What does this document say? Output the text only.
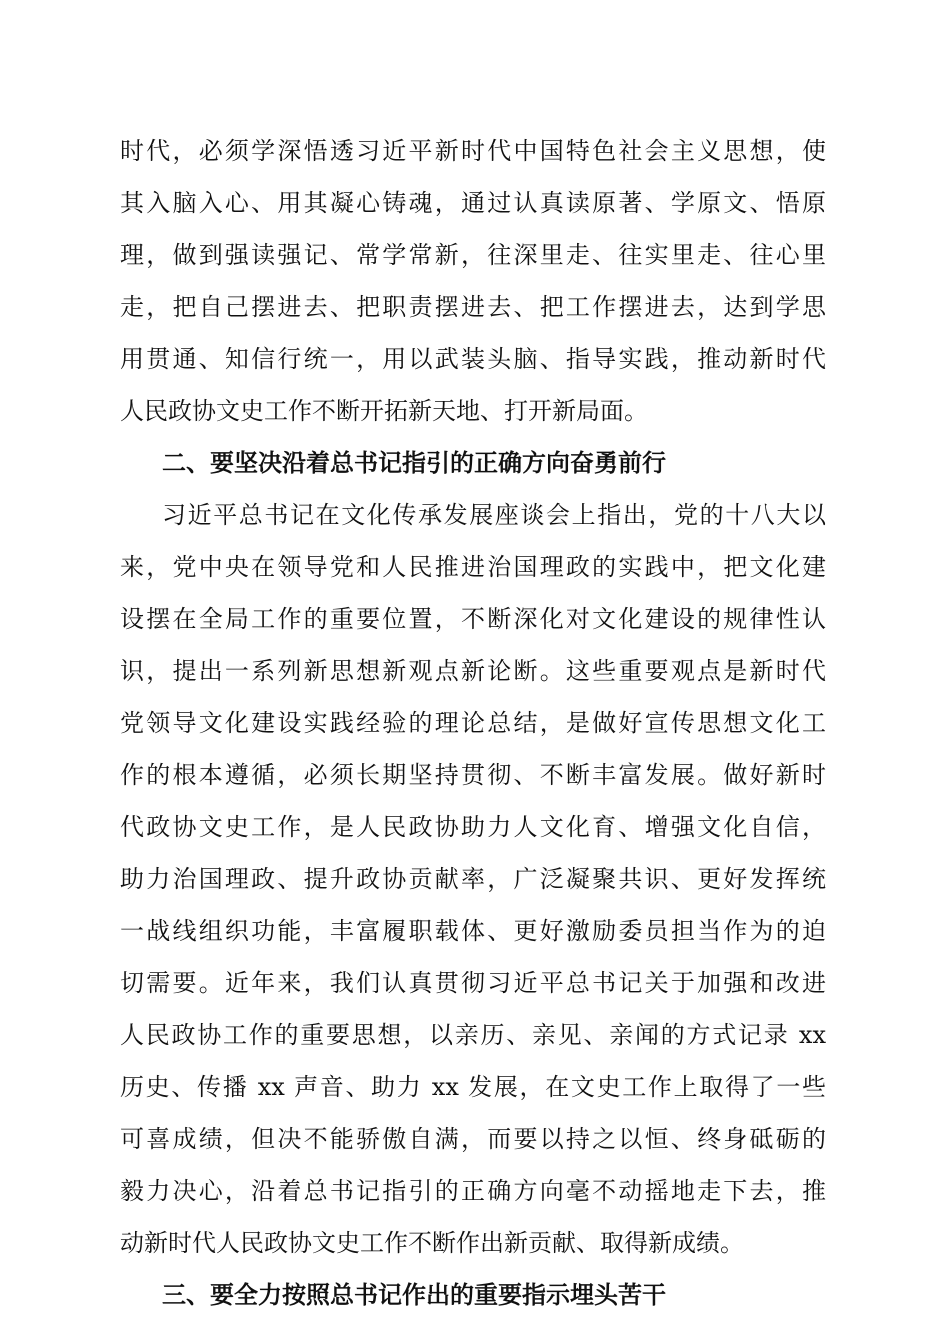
时代，必须学深悟透习近平新时代中国特色社会主义思想，使
其入脑入心、用其凝心铸魂，通过认真读原著、学原文、悟原
理，做到强读强记、常学常新，往深里走、往实里走、往心里
走，把自己摆进去、把职责摆进去、把工作摆进去，达到学思
用贯通、知信行统一，用以武装头脑、指导实践，推动新时代
人民政协文史工作不断开拓新天地、打开新局面。
二、要坚决沿着总书记指引的正确方向奋勇前行
习近平总书记在文化传承发展座谈会上指出，党的十八大以
来，党中央在领导党和人民推进治国理政的实践中，把文化建
设摆在全局工作的重要位置，不断深化对文化建设的规律性认
识，提出一系列新思想新观点新论断。这些重要观点是新时代
党领导文化建设实践经验的理论总结，是做好宣传思想文化工
作的根本遵循，必须长期坚持贯彻、不断丰富发展。做好新时
代政协文史工作，是人民政协助力人文化育、增强文化自信，
助力治国理政、提升政协贡献率，广泛凝聚共识、更好发挥统
一战线组织功能，丰富履职载体、更好激励委员担当作为的迫
切需要。近年来，我们认真贯彻习近平总书记关于加强和改进
人民政协工作的重要思想，以亲历、亲见、亲闻的方式记录 xx
历史、传播 xx 声音、助力 xx 发展，在文史工作上取得了一些
可喜成绩，但决不能骄傲自满，而要以持之以恒、终身砥砺的
毅力决心，沿着总书记指引的正确方向毫不动摇地走下去，推
动新时代人民政协文史工作不断作出新贡献、取得新成绩。
三、要全力按照总书记作出的重要指示埋头苦干
